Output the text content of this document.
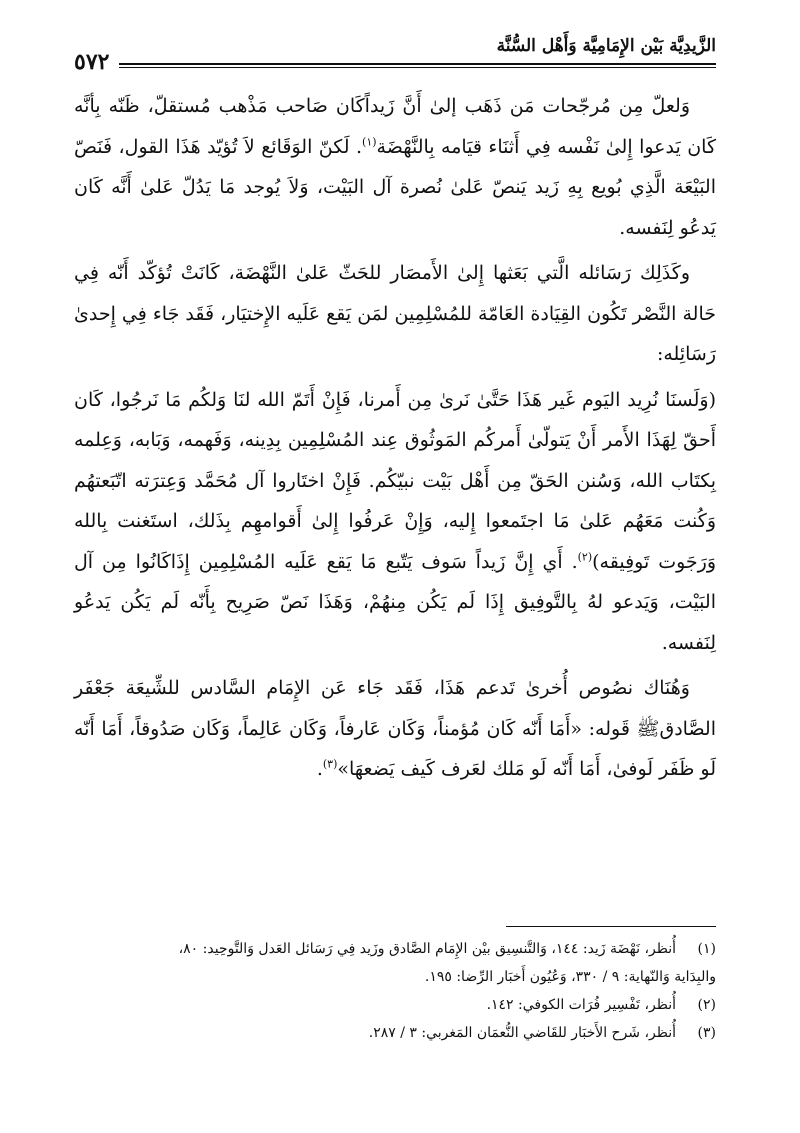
الزَّيدِيَّة بَيْن الإِمَامِيَّة وَأَهْل السُّنَّة
٥٧٢

وَلعلّ مِن مُرجّحات مَن ذَهَب إلىٰ أَنَّ زَيداًكَان صَاحب مَذْهب مُستقلّ، ظَنّه بِأنَّه كَان يَدعوا إِلىٰ نَفْسه فِي أَثنَاء قيَامه بِالنَّهْضَة$^{(١)}$. لَكنّ الوَقَائع لاَ تُؤيّد هَذَا القول، فَنَصّ البَيْعَة الَّذِي بُويع بِهِ زَيد يَنصّ عَلىٰ نُصرة آل البَيْت، وَلاَ يُوجد مَا يَدُلّ عَلىٰ أَنَّه كَان يَدعُو لِنَفسه.

وكَذَلِك رَسَائله الَّتي بَعَثها إِلىٰ الأَمصَار للحَثّ عَلىٰ النَّهْضَة، كَانَتْ تُؤكّد أَنّه فِي حَالة النَّصْر تَكُون القِيَادة العَامّة للمُسْلِمِين لمَن يَقع عَلَيه الإِختيَار، فَقَد جَاء فِي إِحدىٰ رَسَائِله:

(وَلَسنَا نُرِيد اليَوم غَير هَذَا حَتَّىٰ نَرىٰ مِن أَمرنا، فَإِنْ أَتَمّ الله لنَا وَلكُم مَا نَرجُوا، كَان أَحقّ لِهَذَا الأَمر أَنْ يَتولّىٰ أَمركُم المَوثُوق عِند المُسْلِمِين بِدِينه، وَفَهمه، وَبَابه، وَعِلمه بِكتَاب الله، وَسُنن الحَقّ مِن أَهْل بَيْت نبيّكُم. فَإِنْ اختَاروا آل مُحَمَّد وَعِترَته اتّبَعتهُم وَكُنت مَعَهُم عَلىٰ مَا اجتَمعوا إِليه، وَإِنْ عَرفُوا إِلىٰ أَقوامهِم بِذَلك، استَغنت بِالله وَرَجَوت تَوفِيقه)$^{(٢)}$. أَي إِنَّ زَيداً سَوف يَتّبع مَا يَقع عَلَيه المُسْلِمِين إِذَاكَانُوا مِن آل البَيْت، وَيَدعو لهُ بِالتَّوفِيق إِذَا لَم يَكُن مِنهُمْ، وَهَذَا نَصّ صَرِيح بِأَنّه لَم يَكُن يَدعُو لِنَفسه.

وَهُنَاك نصُوص أُخرىٰ تَدعم هَذَا، فَقَد جَاء عَن الإِمَام السَّادس للشِّيعَة جَعْفَر الصَّادقﷺ قَوله: «أَمَا أَنّه كَان مُؤمناً، وَكَان عَارفاً، وَكَان عَالِماً، وَكَان صَدُوقاً، أَمَا أَنّه لَو ظَفَر لَوفىٰ، أَمَا أَنّه لَو مَلك لعَرف كَيف يَضعهَا»$^{(٣)}$.

(١)أُنظر، نَهْضَة زَيد: ١٤٤، وَالتَّنسِيق بيْن الإِمَام الصَّادق وزَيد فِي رَسَائل العَدل وَالتَّوحِيد: ٨٠،

والبِدَاية وَالنّهاية: ٩ / ٣٣٠، وَعُيُون أَخبَار الرِّضا: ١٩٥.

(٢)أُنظر، تَفْسِير فُرَات الكوفي: ١٤٢.

(٣)أُنظر، شَرح الأَخبَار للقَاضي النُّعمَان المَغربي: ٣ / ٢٨٧.
